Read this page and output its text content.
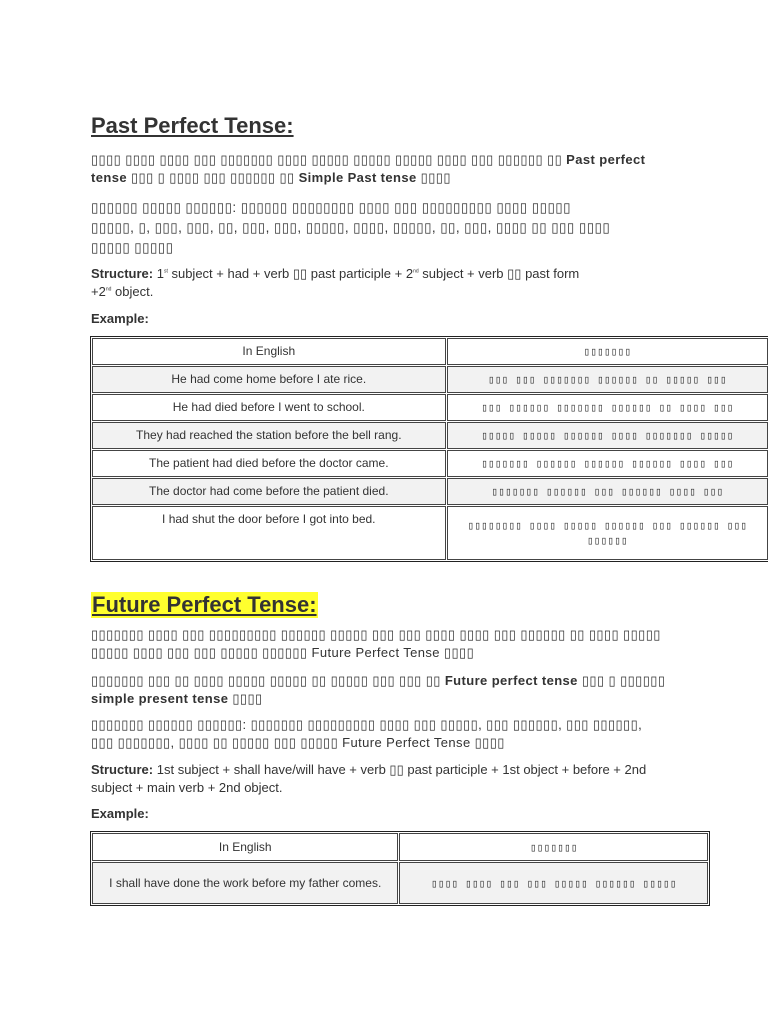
Past Perfect Tense:

▯▯▯▯ ▯▯▯▯ ▯▯▯▯ ▯▯▯ ▯▯▯▯▯▯▯ ▯▯▯▯ ▯▯▯▯▯ ▯▯▯▯▯ ▯▯▯▯▯ ▯▯▯▯ ▯▯▯ ▯▯▯▯▯▯ ▯▯ Past perfect tense ▯▯▯ ▯ ▯▯▯▯ ▯▯▯ ▯▯▯▯▯▯ ▯▯ Simple Past tense ▯▯▯▯

▯▯▯▯▯▯ ▯▯▯▯▯ ▯▯▯▯▯▯: ▯▯▯▯▯▯ ▯▯▯▯▯▯▯▯ ▯▯▯▯ ▯▯▯ ▯▯▯▯▯▯▯▯▯ ▯▯▯▯ ▯▯▯▯▯
▯▯▯▯▯, ▯, ▯▯▯, ▯▯▯, ▯▯, ▯▯▯, ▯▯▯, ▯▯▯▯▯, ▯▯▯▯, ▯▯▯▯▯, ▯▯, ▯▯▯, ▯▯▯▯ ▯▯ ▯▯▯ ▯▯▯▯
▯▯▯▯▯ ▯▯▯▯▯

Structure: 1st subject + had + verb ▯▯ past participle + 2nd subject + verb ▯▯ past form
+2nd object.

Example:

In English	▯▯▯▯▯▯▯
He had come home before I ate rice.	▯▯▯ ▯▯▯ ▯▯▯▯▯▯▯ ▯▯▯▯▯▯ ▯▯ ▯▯▯▯▯ ▯▯▯
He had died before I went to school.	▯▯▯ ▯▯▯▯▯▯ ▯▯▯▯▯▯▯ ▯▯▯▯▯▯ ▯▯ ▯▯▯▯ ▯▯▯
They had reached the station before the bell rang.	▯▯▯▯▯ ▯▯▯▯▯ ▯▯▯▯▯▯ ▯▯▯▯ ▯▯▯▯▯▯▯ ▯▯▯▯▯
The patient had died before the doctor came.	▯▯▯▯▯▯▯ ▯▯▯▯▯▯ ▯▯▯▯▯▯ ▯▯▯▯▯▯ ▯▯▯▯ ▯▯▯
The doctor had come before the patient died.	▯▯▯▯▯▯▯ ▯▯▯▯▯▯ ▯▯▯ ▯▯▯▯▯▯ ▯▯▯▯ ▯▯▯
I had shut the door before I got into bed.	▯▯▯▯▯▯▯▯ ▯▯▯▯ ▯▯▯▯▯ ▯▯▯▯▯▯ ▯▯▯ ▯▯▯▯▯▯ ▯▯▯ ▯▯▯▯▯▯
Future Perfect Tense:

▯▯▯▯▯▯▯ ▯▯▯▯ ▯▯▯ ▯▯▯▯▯▯▯▯▯ ▯▯▯▯▯▯ ▯▯▯▯▯ ▯▯▯ ▯▯▯ ▯▯▯▯ ▯▯▯▯ ▯▯▯ ▯▯▯▯▯▯ ▯▯ ▯▯▯▯ ▯▯▯▯▯ ▯▯▯▯▯ ▯▯▯▯ ▯▯▯ ▯▯▯ ▯▯▯▯▯ ▯▯▯▯▯▯ Future Perfect Tense ▯▯▯▯

▯▯▯▯▯▯▯ ▯▯▯ ▯▯ ▯▯▯▯ ▯▯▯▯▯ ▯▯▯▯▯ ▯▯ ▯▯▯▯▯ ▯▯▯ ▯▯▯ ▯▯ Future perfect tense ▯▯▯ ▯ ▯▯▯▯▯▯ simple present tense ▯▯▯▯

▯▯▯▯▯▯▯ ▯▯▯▯▯▯ ▯▯▯▯▯▯: ▯▯▯▯▯▯▯ ▯▯▯▯▯▯▯▯▯ ▯▯▯▯ ▯▯▯ ▯▯▯▯▯, ▯▯▯ ▯▯▯▯▯▯, ▯▯▯ ▯▯▯▯▯▯, ▯▯▯ ▯▯▯▯▯▯▯, ▯▯▯▯ ▯▯ ▯▯▯▯▯ ▯▯▯ ▯▯▯▯▯ Future Perfect Tense ▯▯▯▯

Structure: 1st subject + shall have/will have + verb ▯▯ past participle + 1st object + before + 2nd subject + main verb + 2nd object.

Example:

In English	▯▯▯▯▯▯▯
I shall have done the work before my father comes.	▯▯▯▯ ▯▯▯▯ ▯▯▯ ▯▯▯ ▯▯▯▯▯ ▯▯▯▯▯▯ ▯▯▯▯▯
